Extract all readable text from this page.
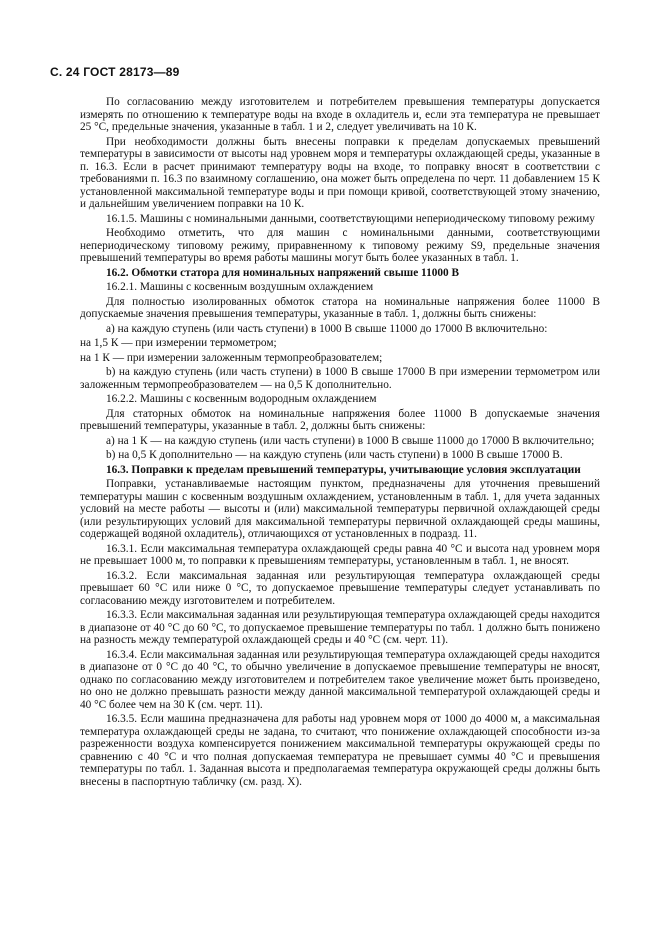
С. 24 ГОСТ 28173—89

По согласованию между изготовителем и потребителем превышения температуры допускается измерять по отношению к температуре воды на входе в охладитель и, если эта температура не превышает 25 °С, предельные значения, указанные в табл. 1 и 2, следует увеличивать на 10 К.

При необходимости должны быть внесены поправки к пределам допускаемых превышений температуры в зависимости от высоты над уровнем моря и температуры охлаждающей среды, указанные в п. 16.3. Если в расчет принимают температуру воды на входе, то поправку вносят в соответствии с требованиями п. 16.3 по взаимному соглашению, она может быть определена по черт. 11 добавлением 15 К установленной максимальной температуре воды и при помощи кривой, соответствующей этому значению, и дальнейшим увеличением поправки на 10 К.

16.1.5. Машины с номинальными данными, соответствующими непериодическому типовому режиму

Необходимо отметить, что для машин с номинальными данными, соответствующими непериодическому типовому режиму, приравненному к типовому режиму S9, предельные значения превышений температуры во время работы машины могут быть более указанных в табл. 1.

16.2. Обмотки статора для номинальных напряжений свыше 11000 В

16.2.1. Машины с косвенным воздушным охлаждением

Для полностью изолированных обмоток статора на номинальные напряжения более 11000 В допускаемые значения превышения температуры, указанные в табл. 1, должны быть снижены:

а) на каждую ступень (или часть ступени) в 1000 В свыше 11000 до 17000 В включительно:

на 1,5 К — при измерении термометром;

на 1 К — при измерении заложенным термопреобразователем;

b) на каждую ступень (или часть ступени) в 1000 В свыше 17000 В при измерении термометром или заложенным термопреобразователем — на 0,5 К дополнительно.

16.2.2. Машины с косвенным водородным охлаждением

Для статорных обмоток на номинальные напряжения более 11000 В допускаемые значения превышений температуры, указанные в табл. 2, должны быть снижены:

а) на 1 К — на каждую ступень (или часть ступени) в 1000 В свыше 11000 до 17000 В включительно;

b) на 0,5 К дополнительно — на каждую ступень (или часть ступени) в 1000 В свыше 17000 В.

16.3. Поправки к пределам превышений температуры, учитывающие условия эксплуатации

Поправки, устанавливаемые настоящим пунктом, предназначены для уточнения превышений температуры машин с косвенным воздушным охлаждением, установленным в табл. 1, для учета заданных условий на месте работы — высоты и (или) максимальной температуры первичной охлаждающей среды (или результирующих условий для максимальной температуры первичной охлаждающей среды машины, содержащей водяной охладитель), отличающихся от установленных в подразд. 11.

16.3.1. Если максимальная температура охлаждающей среды равна 40 °С и высота над уровнем моря не превышает 1000 м, то поправки к превышениям температуры, установленным в табл. 1, не вносят.

16.3.2. Если максимальная заданная или результирующая температура охлаждающей среды превышает 60 °С или ниже 0 °С, то допускаемое превышение температуры следует устанавливать по согласованию между изготовителем и потребителем.

16.3.3. Если максимальная заданная или результирующая температура охлаждающей среды находится в диапазоне от 40 °С до 60 °С, то допускаемое превышение температуры по табл. 1 должно быть понижено на разность между температурой охлаждающей среды и 40 °С (см. черт. 11).

16.3.4. Если максимальная заданная или результирующая температура охлаждающей среды находится в диапазоне от 0 °С до 40 °С, то обычно увеличение в допускаемое превышение температуры не вносят, однако по согласованию между изготовителем и потребителем такое увеличение может быть произведено, но оно не должно превышать разности между данной максимальной температурой охлаждающей среды и 40 °С более чем на 30 К (см. черт. 11).

16.3.5. Если машина предназначена для работы над уровнем моря от 1000 до 4000 м, а максимальная температура охлаждающей среды не задана, то считают, что понижение охлаждающей способности из-за разреженности воздуха компенсируется понижением максимальной температуры окружающей среды по сравнению с 40 °С и что полная допускаемая температура не превышает суммы 40 °С и превышения температуры по табл. 1. Заданная высота и предполагаемая температура окружающей среды должны быть внесены в паспортную табличку (см. разд. Х).
